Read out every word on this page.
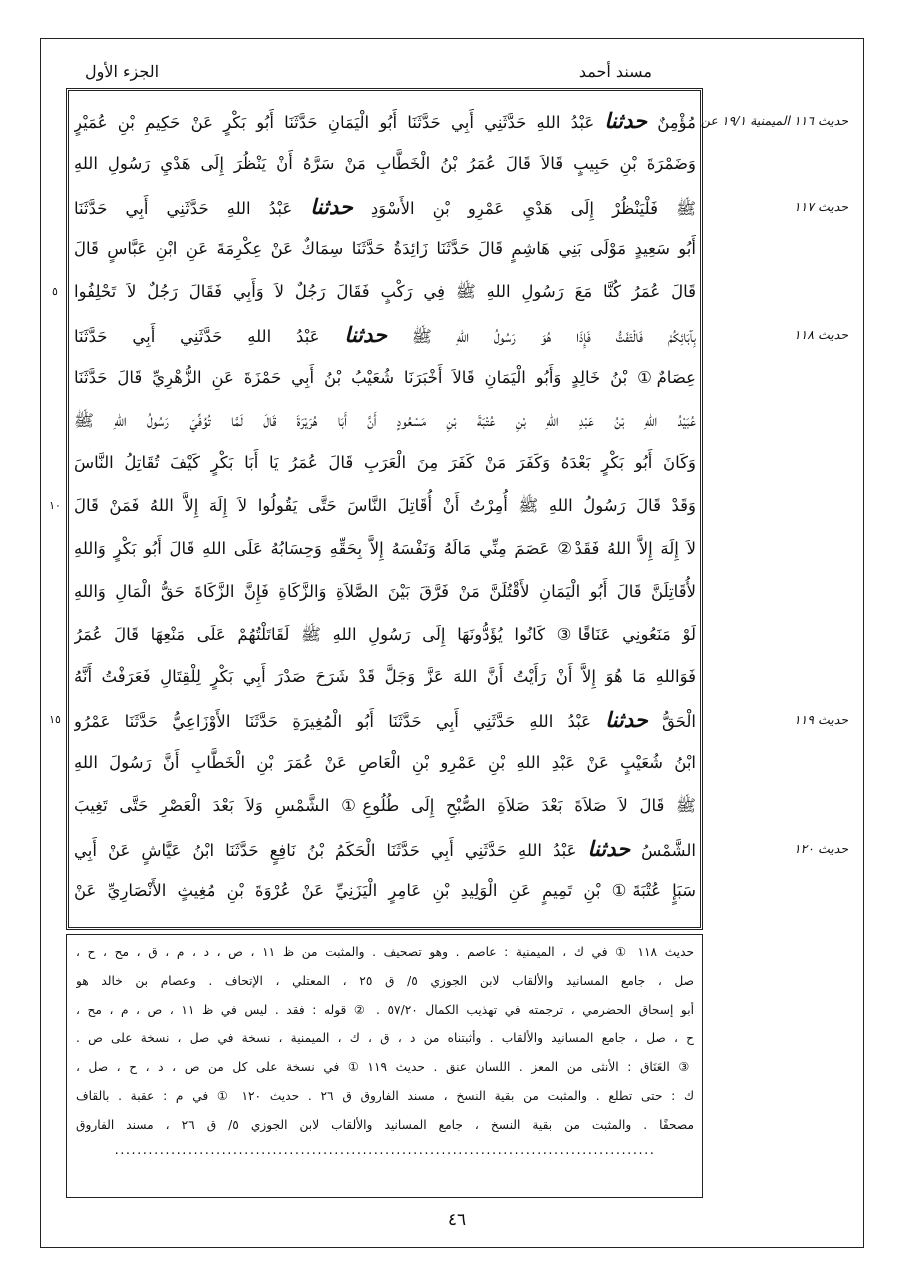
مسند أحمد
الجزء الأول
مُؤْمِنٌ حدثنا عَبْدُ اللهِ حَدَّثَنِي أَبِي حَدَّثَنَا أَبُو الْيَمَانِ حَدَّثَنَا أَبُو بَكْرٍ عَنْ حَكِيمِ بْنِ عُمَيْرٍ
وَضَمْرَةَ بْنِ حَبِيبٍ قَالاَ قَالَ عُمَرُ بْنُ الْخَطَّابِ مَنْ سَرَّهُ أَنْ يَنْظُرَ إِلَى هَدْيِ رَسُولِ اللهِ
ﷺ فَلْيَنْظُرْ إِلَى هَدْيِ عَمْرِو بْنِ الأَسْوَدِ حدثنا عَبْدُ اللهِ حَدَّثَنِي أَبِي حَدَّثَنَا
أَبُو سَعِيدٍ مَوْلَى بَنِي هَاشِمٍ قَالَ حَدَّثَنَا زَائِدَةُ حَدَّثَنَا سِمَاكٌ عَنْ عِكْرِمَةَ عَنِ ابْنِ عَبَّاسٍ قَالَ
قَالَ عُمَرُ كُنَّا مَعَ رَسُولِ اللهِ ﷺ فِي رَكْبٍ فَقَالَ رَجُلٌ لاَ وَأَبِي فَقَالَ رَجُلٌ لاَ تَحْلِفُوا
بِآبَائِكُمْ فَالْتَفَتُّ فَإِذَا هُوَ رَسُولُ اللهِ ﷺ حدثنا عَبْدُ اللهِ حَدَّثَنِي أَبِي حَدَّثَنَا
عِصَامٌ① بْنُ خَالِدٍ وَأَبُو الْيَمَانِ قَالاَ أَخْبَرَنَا شُعَيْبُ بْنُ أَبِي حَمْزَةَ عَنِ الزُّهْرِيِّ قَالَ حَدَّثَنَا
عُبَيْدُ اللهِ بْنُ عَبْدِ اللهِ بْنِ عُتْبَةَ بْنِ مَسْعُودٍ أَنَّ أَبَا هُرَيْرَةَ قَالَ لَمَّا تُوُفِّيَ رَسُولُ اللهِ ﷺ
وَكَانَ أَبُو بَكْرٍ بَعْدَهُ وَكَفَرَ مَنْ كَفَرَ مِنَ الْعَرَبِ قَالَ عُمَرُ يَا أَبَا بَكْرٍ كَيْفَ تُقَاتِلُ النَّاسَ
وَقَدْ قَالَ رَسُولُ اللهِ ﷺ أُمِرْتُ أَنْ أُقَاتِلَ النَّاسَ حَتَّى يَقُولُوا لاَ إِلَهَ إِلاَّ اللهُ فَمَنْ قَالَ
لاَ إِلَهَ إِلاَّ اللهُ فَقَدْ② عَصَمَ مِنِّي مَالَهُ وَنَفْسَهُ إِلاَّ بِحَقِّهِ وَحِسَابُهُ عَلَى اللهِ قَالَ أَبُو بَكْرٍ وَاللهِ
لأُقَاتِلَنَّ قَالَ أَبُو الْيَمَانِ لأَقْتُلَنَّ مَنْ فَرَّقَ بَيْنَ الصَّلاَةِ وَالزَّكَاةِ فَإِنَّ الزَّكَاةَ حَقُّ الْمَالِ وَاللهِ
لَوْ مَنَعُونِي عَنَاقًا③ كَانُوا يُؤَدُّونَهَا إِلَى رَسُولِ اللهِ ﷺ لَقَاتَلْتُهُمْ عَلَى مَنْعِهَا قَالَ عُمَرُ
فَوَاللهِ مَا هُوَ إِلاَّ أَنْ رَأَيْتُ أَنَّ اللهَ عَزَّ وَجَلَّ قَدْ شَرَحَ صَدْرَ أَبِي بَكْرٍ لِلْقِتَالِ فَعَرَفْتُ أَنَّهُ
الْحَقُّ حدثنا عَبْدُ اللهِ حَدَّثَنِي أَبِي حَدَّثَنَا أَبُو الْمُغِيرَةِ حَدَّثَنَا الأَوْزَاعِيُّ حَدَّثَنَا عَمْرُو
ابْنُ شُعَيْبٍ عَنْ عَبْدِ اللهِ بْنِ عَمْرِو بْنِ الْعَاصِ عَنْ عُمَرَ بْنِ الْخَطَّابِ أَنَّ رَسُولَ اللهِ
ﷺ قَالَ لاَ صَلاَةَ بَعْدَ صَلاَةِ الصُّبْحِ إِلَى طُلُوعِ① الشَّمْسِ وَلاَ بَعْدَ الْعَصْرِ حَتَّى تَغِيبَ
الشَّمْسُ حدثنا عَبْدُ اللهِ حَدَّثَنِي أَبِي حَدَّثَنَا الْحَكَمُ بْنُ نَافِعٍ حَدَّثَنَا ابْنُ عَيَّاشٍ عَنْ أَبِي
سَبَإٍ عُتْبَةَ① بْنِ تَمِيمٍ عَنِ الْوَلِيدِ بْنِ عَامِرٍ الْيَزَنِيِّ عَنْ عُرْوَةَ بْنِ مُغِيثٍ الأَنْصَارِيِّ عَنْ
حديث ١١٦ الميمنية ١٩/١ عن
حديث ١١٧
حديث ١١٨
حديث ١١٩
حديث ١٢٠
٥
١٠
١٥
حديث ١١٨ ① في ك ، الميمنية : عاصم . وهو تصحيف . والمثبت من ظ ١١ ، ص ، د ، م ، ق ، مح ، ح ،
صل ، جامع المسانيد والألقاب لابن الجوزي ٥/ ق ٢٥ ، المعتلي ، الإتحاف . وعصام بن خالد هو
أبو إسحاق الحضرمي ، ترجمته في تهذيب الكمال ٥٧/٢٠ . ② قوله : فقد . ليس في ظ ١١ ، ص ، م ، مح ،
ح ، صل ، جامع المسانيد والألقاب . وأثبتناه من د ، ق ، ك ، الميمنية ، نسخة في صل ، نسخة على ص .
③ العَنَاق : الأنثى من المعز . اللسان عنق . حديث ١١٩ ① في نسخة على كل من ص ، د ، ح ، صل ،
ك : حتى تطلع . والمثبت من بقية النسخ ، مسند الفاروق ق ٢٦ . حديث ١٢٠ ① في م : عقبة . بالقاف
مصحفًا . والمثبت من بقية النسخ ، جامع المسانيد والألقاب لابن الجوزي ٥/ ق ٢٦ ، مسند الفاروق
................................................................................................
٤٦
